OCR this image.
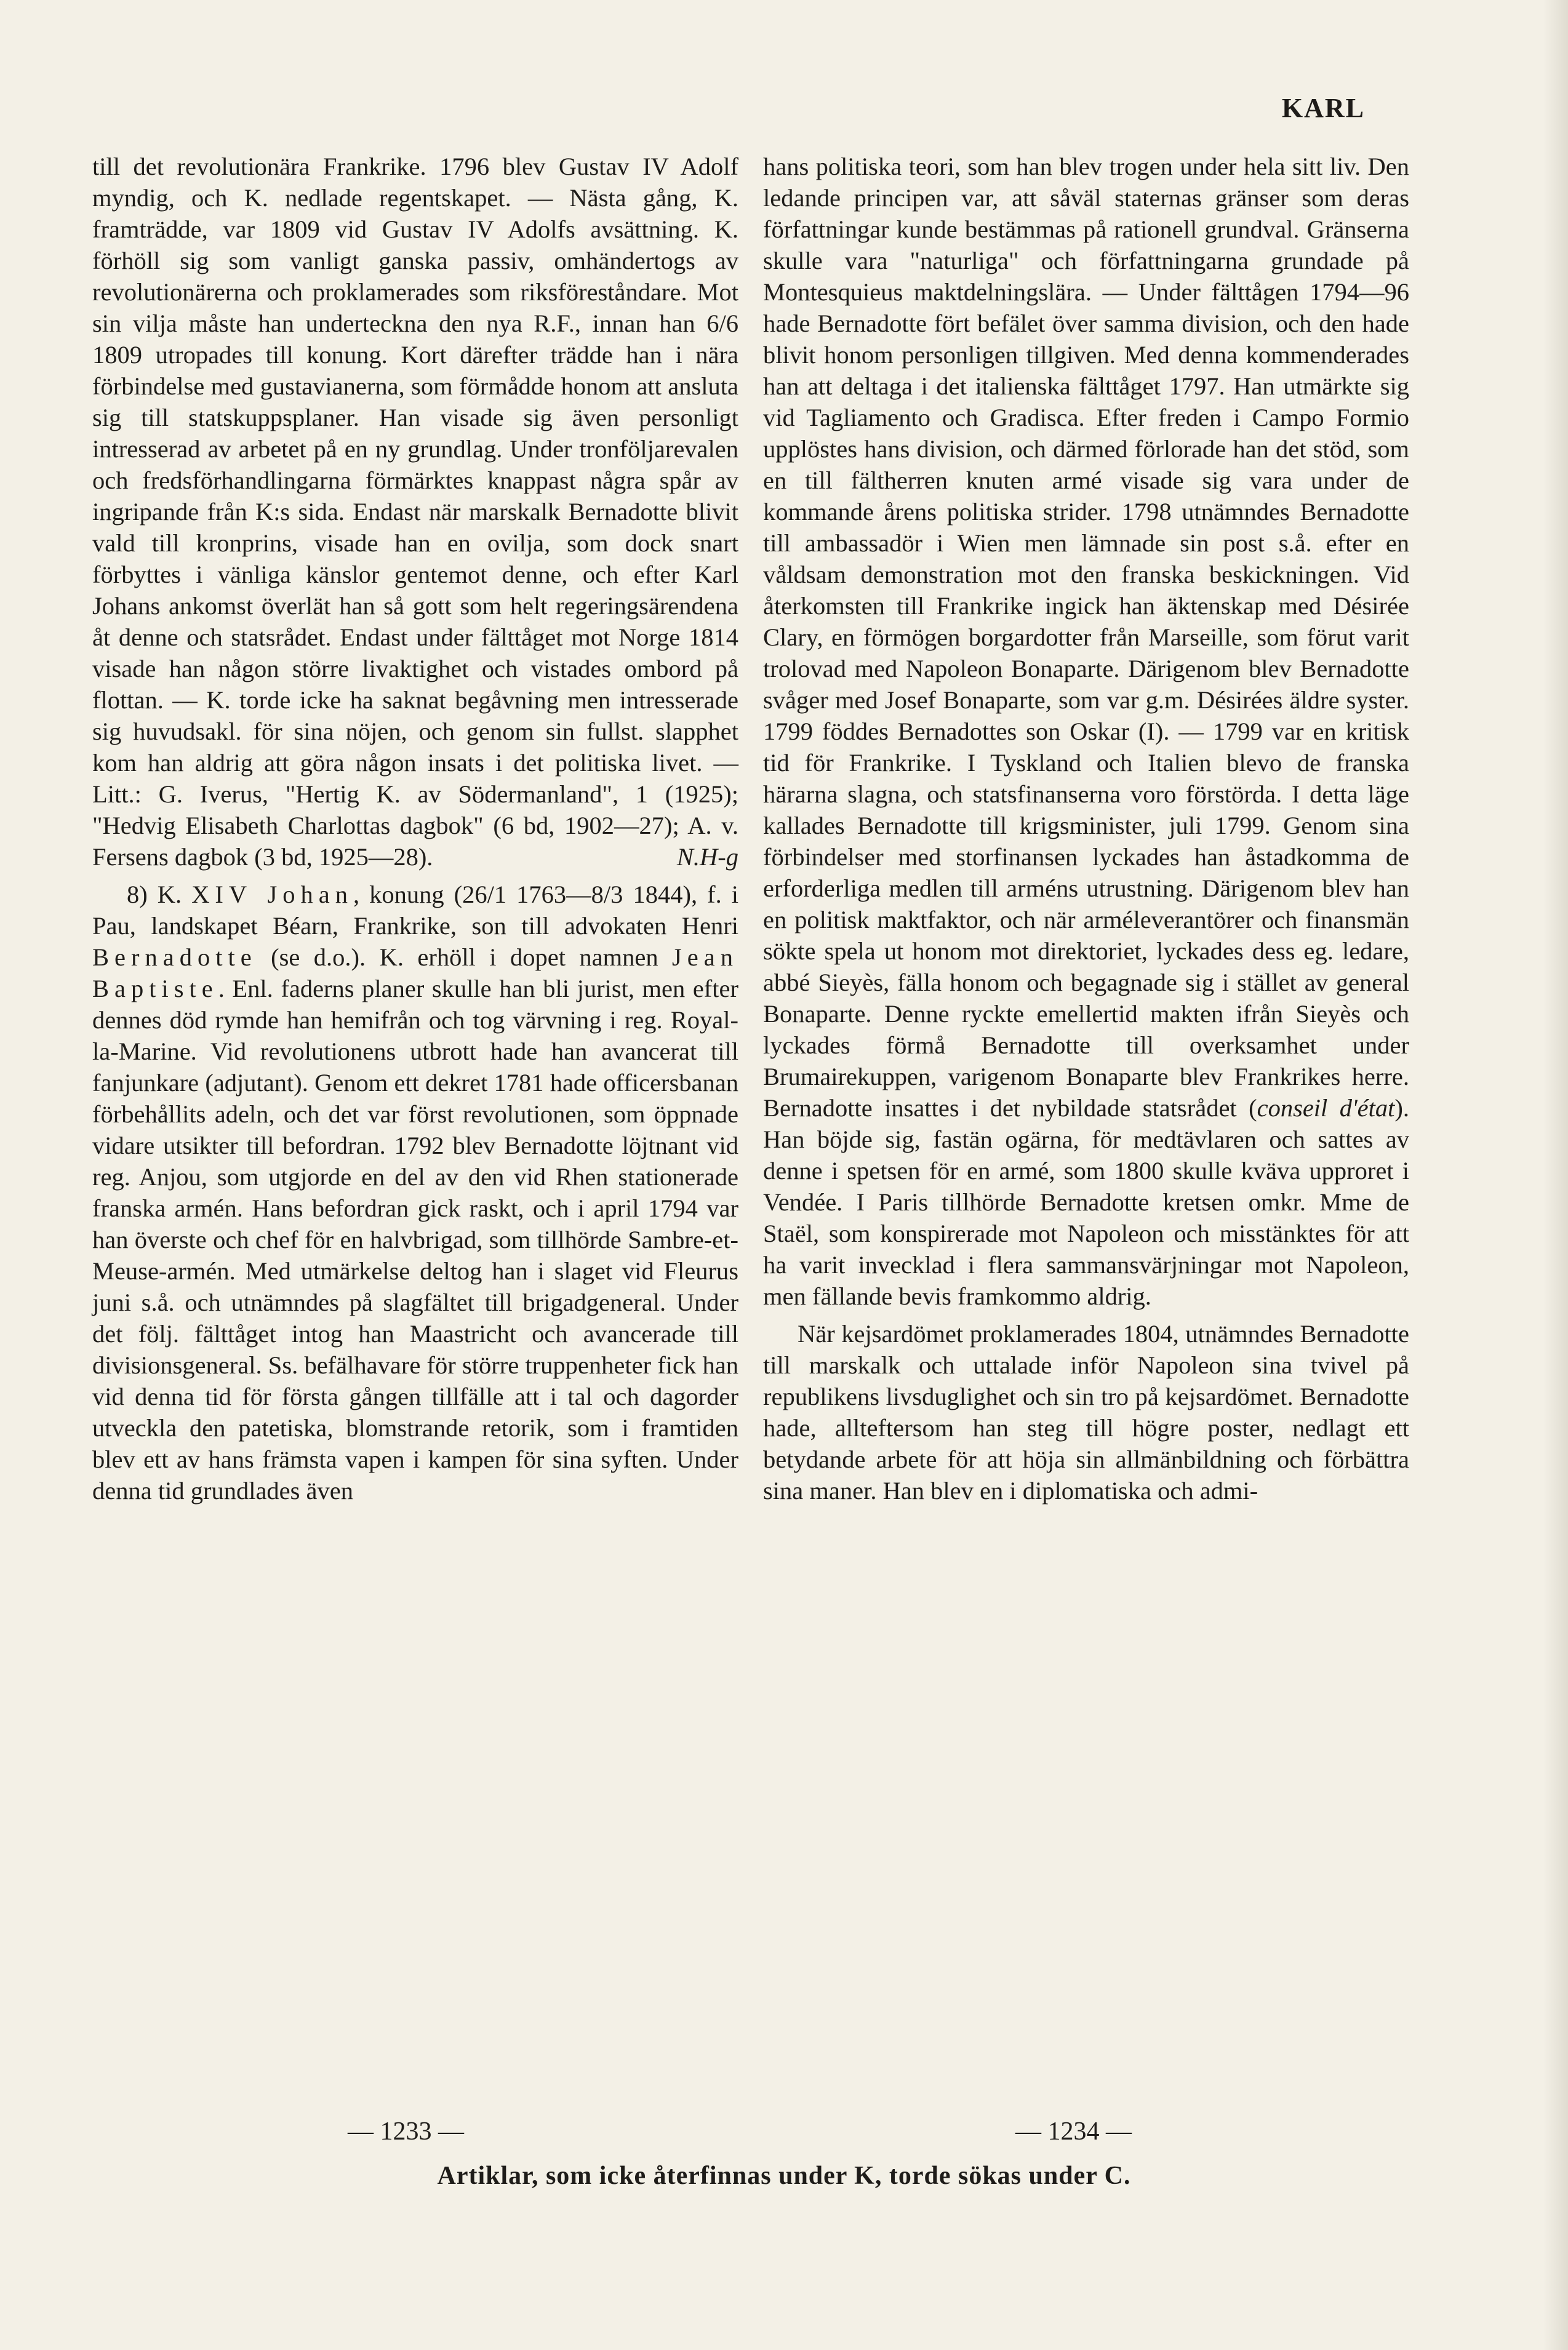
KARL

till det revolutionära Frankrike. 1796 blev Gustav IV Adolf myndig, och K. nedlade regentskapet. — Nästa gång, K. framträdde, var 1809 vid Gustav IV Adolfs avsättning. K. förhöll sig som vanligt ganska passiv, omhändertogs av revolutionärerna och proklamerades som riksföreståndare. Mot sin vilja måste han underteckna den nya R.F., innan han 6/6 1809 utropades till konung. Kort därefter trädde han i nära förbindelse med gustavianerna, som förmådde honom att ansluta sig till statskuppsplaner. Han visade sig även personligt intresserad av arbetet på en ny grundlag. Under tronföljarevalen och fredsförhandlingarna förmärktes knappast några spår av ingripande från K:s sida. Endast när marskalk Bernadotte blivit vald till kronprins, visade han en ovilja, som dock snart förbyttes i vänliga känslor gentemot denne, och efter Karl Johans ankomst överlät han så gott som helt regeringsärendena åt denne och statsrådet. Endast under fälttåget mot Norge 1814 visade han någon större livaktighet och vistades ombord på flottan. — K. torde icke ha saknat begåvning men intresserade sig huvudsakl. för sina nöjen, och genom sin fullst. slapphet kom han aldrig att göra någon insats i det politiska livet. — Litt.: G. Iverus, "Hertig K. av Södermanland", 1 (1925); "Hedvig Elisabeth Charlottas dagbok" (6 bd, 1902—27); A. v. Fersens dagbok (3 bd, 1925—28).	N.H-g

8) K. XIV Johan, konung (26/1 1763—8/3 1844), f. i Pau, landskapet Béarn, Frankrike, son till advokaten Henri Bernadotte (se d.o.). K. erhöll i dopet namnen Jean Baptiste. Enl. faderns planer skulle han bli jurist, men efter dennes död rymde han hemifrån och tog värvning i reg. Royal-la-Marine. Vid revolutionens utbrott hade han avancerat till fanjunkare (adjutant). Genom ett dekret 1781 hade officersbanan förbehållits adeln, och det var först revolutionen, som öppnade vidare utsikter till befordran. 1792 blev Bernadotte löjtnant vid reg. Anjou, som utgjorde en del av den vid Rhen stationerade franska armén. Hans befordran gick raskt, och i april 1794 var han överste och chef för en halvbrigad, som tillhörde Sambre-et-Meuse-armén. Med utmärkelse deltog han i slaget vid Fleurus juni s.å. och utnämndes på slagfältet till brigadgeneral. Under det följ. fälttåget intog han Maastricht och avancerade till divisionsgeneral. Ss. befälhavare för större truppenheter fick han vid denna tid för första gången tillfälle att i tal och dagorder utveckla den patetiska, blomstrande retorik, som i framtiden blev ett av hans främsta vapen i kampen för sina syften. Under denna tid grundlades även

hans politiska teori, som han blev trogen under hela sitt liv. Den ledande principen var, att såväl staternas gränser som deras författningar kunde bestämmas på rationell grundval. Gränserna skulle vara "naturliga" och författningarna grundade på Montesquieus maktdelningslära. — Under fälttågen 1794—96 hade Bernadotte fört befälet över samma division, och den hade blivit honom personligen tillgiven. Med denna kommenderades han att deltaga i det italienska fälttåget 1797. Han utmärkte sig vid Tagliamento och Gradisca. Efter freden i Campo Formio upplöstes hans division, och därmed förlorade han det stöd, som en till fältherren knuten armé visade sig vara under de kommande årens politiska strider. 1798 utnämndes Bernadotte till ambassadör i Wien men lämnade sin post s.å. efter en våldsam demonstration mot den franska beskickningen. Vid återkomsten till Frankrike ingick han äktenskap med Désirée Clary, en förmögen borgardotter från Marseille, som förut varit trolovad med Napoleon Bonaparte. Därigenom blev Bernadotte svåger med Josef Bonaparte, som var g.m. Désirées äldre syster. 1799 föddes Bernadottes son Oskar (I). — 1799 var en kritisk tid för Frankrike. I Tyskland och Italien blevo de franska härarna slagna, och statsfinanserna voro förstörda. I detta läge kallades Bernadotte till krigsminister, juli 1799. Genom sina förbindelser med storfinansen lyckades han åstadkomma de erforderliga medlen till arméns utrustning. Därigenom blev han en politisk maktfaktor, och när arméleverantörer och finansmän sökte spela ut honom mot direktoriet, lyckades dess eg. ledare, abbé Sieyès, fälla honom och begagnade sig i stället av general Bonaparte. Denne ryckte emellertid makten ifrån Sieyès och lyckades förmå Bernadotte till overksamhet under Brumairekuppen, varigenom Bonaparte blev Frankrikes herre. Bernadotte insattes i det nybildade statsrådet (conseil d'état). Han böjde sig, fastän ogärna, för medtävlaren och sattes av denne i spetsen för en armé, som 1800 skulle kväva upproret i Vendée. I Paris tillhörde Bernadotte kretsen omkr. Mme de Staël, som konspirerade mot Napoleon och misstänktes för att ha varit invecklad i flera sammansvärjningar mot Napoleon, men fällande bevis framkommo aldrig.

När kejsardömet proklamerades 1804, utnämndes Bernadotte till marskalk och uttalade inför Napoleon sina tvivel på republikens livsduglighet och sin tro på kejsardömet. Bernadotte hade, allteftersom han steg till högre poster, nedlagt ett betydande arbete för att höja sin allmänbildning och förbättra sina maner. Han blev en i diplomatiska och admi-

— 1233 —	— 1234 —
Artiklar, som icke återfinnas under K, torde sökas under C.
